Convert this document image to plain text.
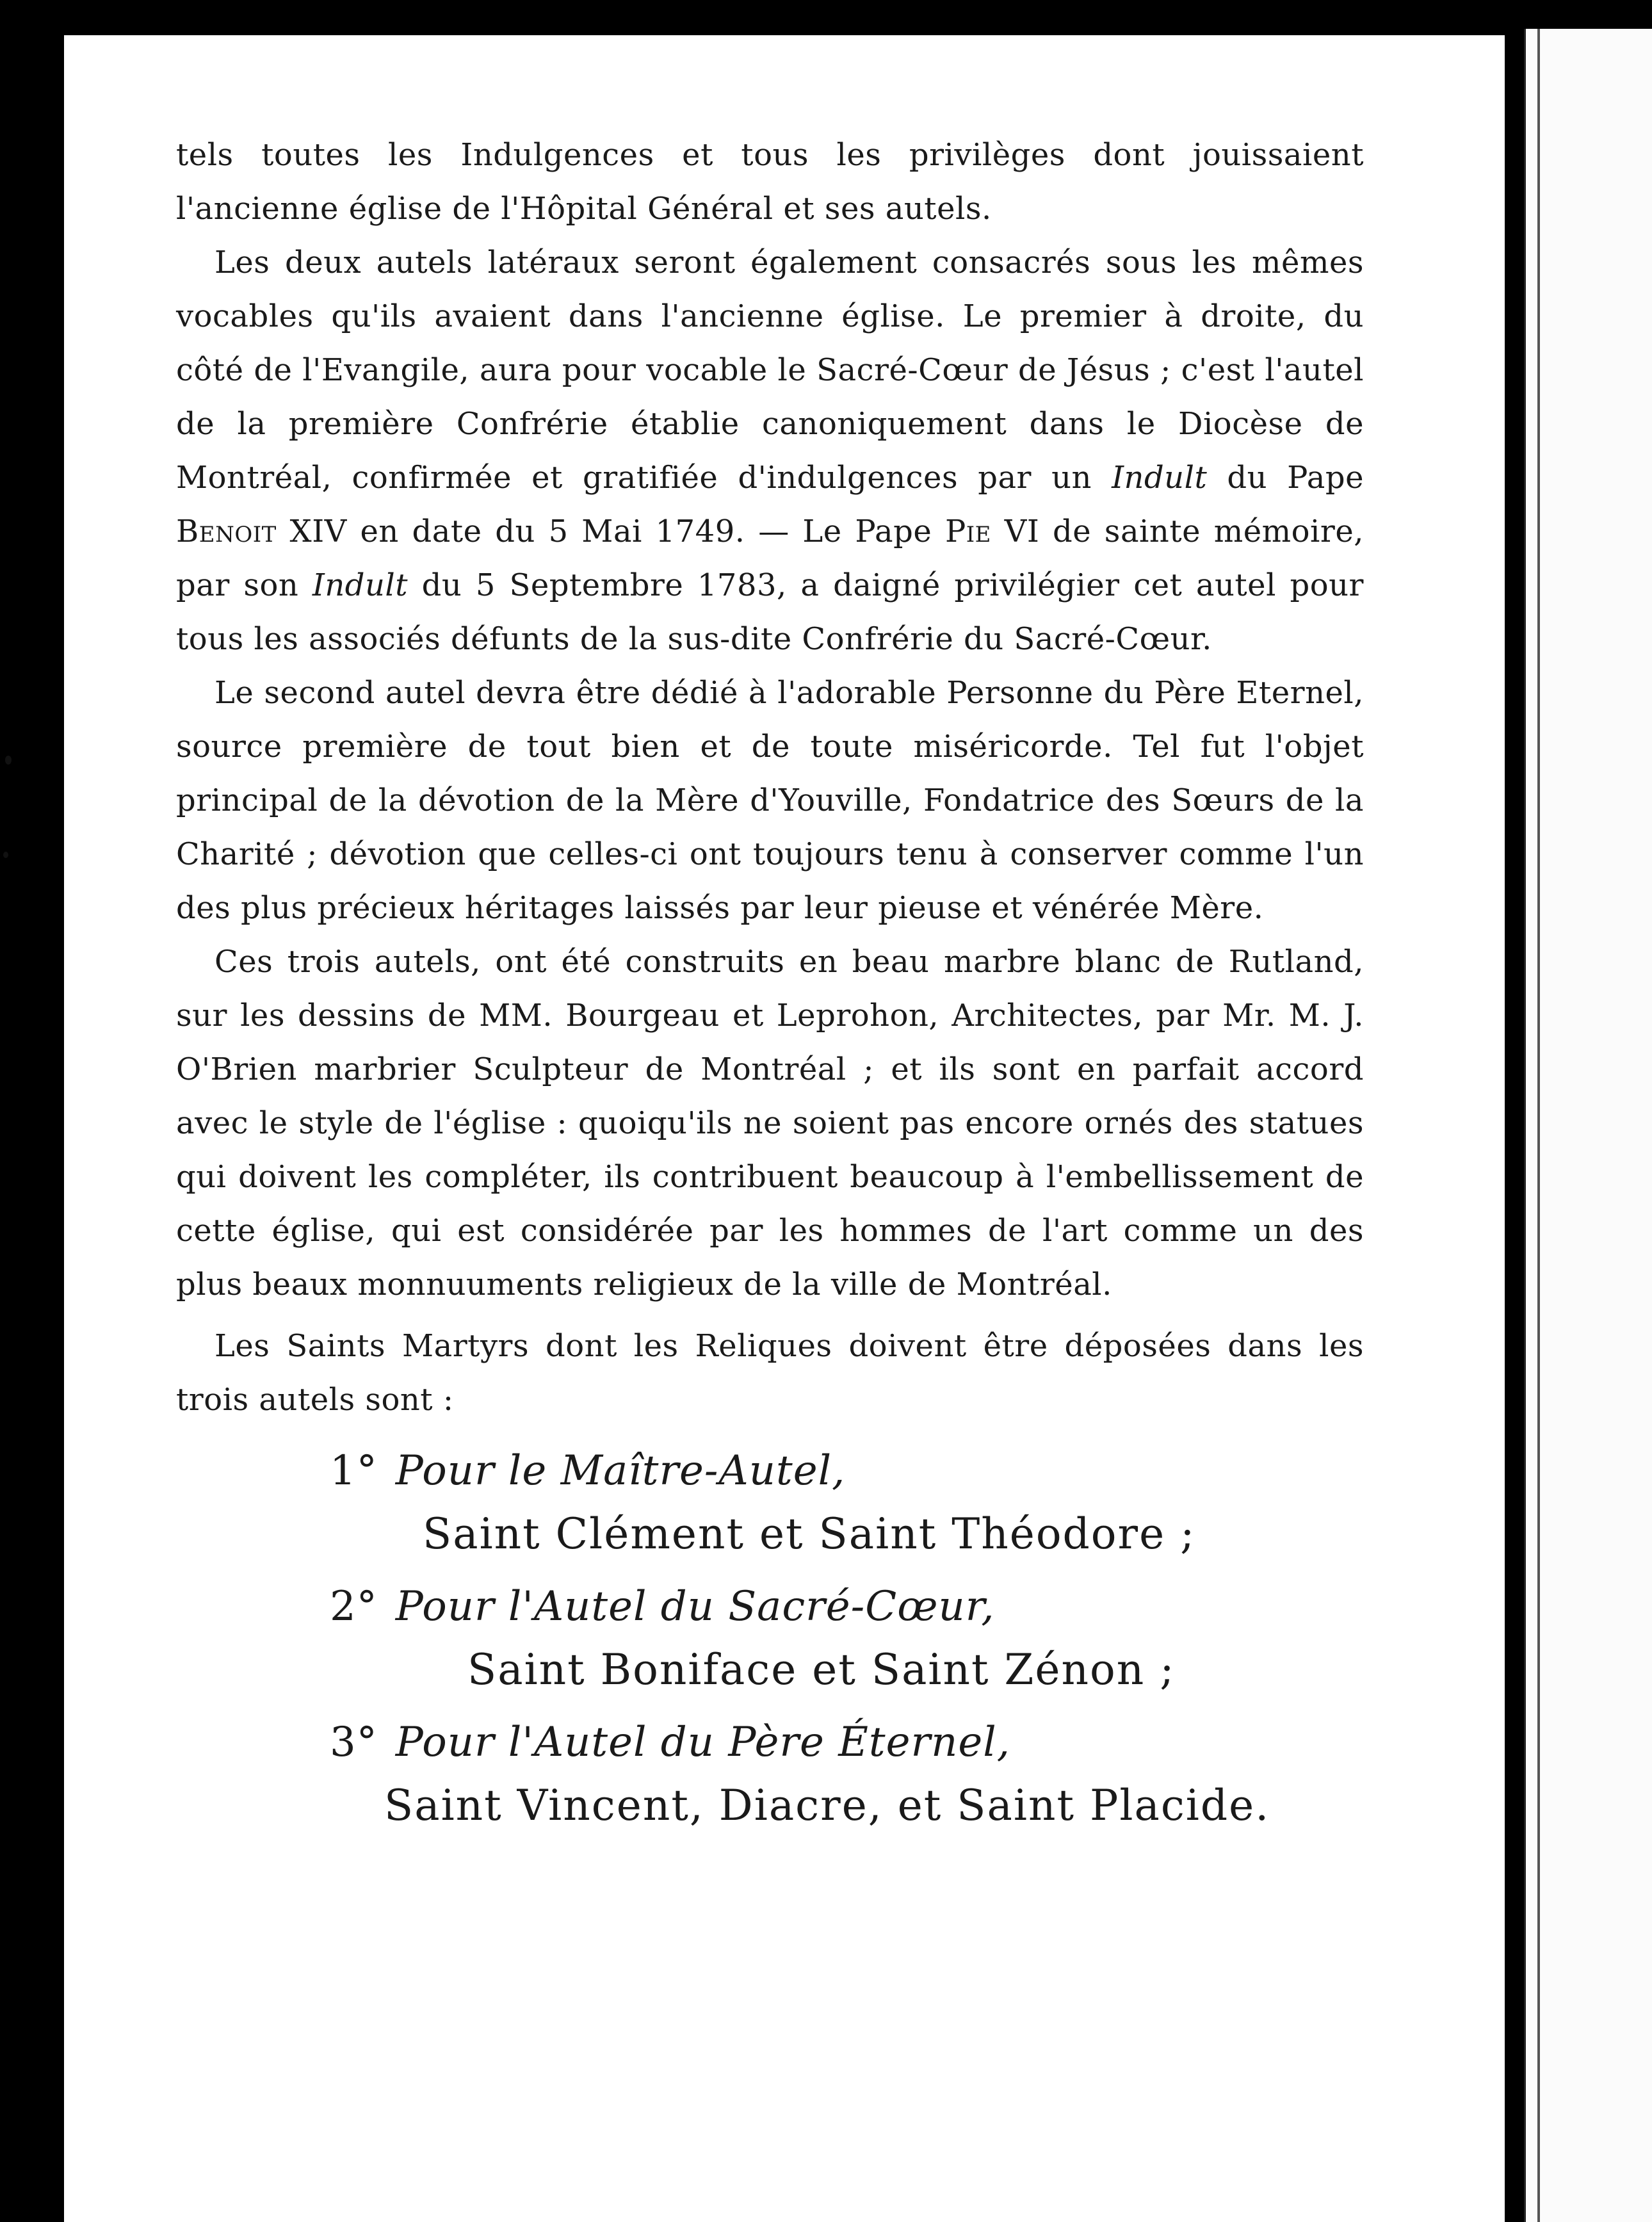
tels toutes les Indulgences et tous les privilèges dont jouissaient l'ancienne église de l'Hôpital Général et ses autels.

Les deux autels latéraux seront également consacrés sous les mêmes vocables qu'ils avaient dans l'ancienne église. Le premier à droite, du côté de l'Evangile, aura pour vocable le Sacré-Cœur de Jésus ; c'est l'autel de la première Confrérie établie canoniquement dans le Diocèse de Montréal, confirmée et gratifiée d'indulgences par un Indult du Pape Benoit XIV en date du 5 Mai 1749. — Le Pape Pie VI de sainte mémoire, par son Indult du 5 Septembre 1783, a daigné privilégier cet autel pour tous les associés défunts de la sus-dite Confrérie du Sacré-Cœur.

Le second autel devra être dédié à l'adorable Personne du Père Eternel, source première de tout bien et de toute miséricorde. Tel fut l'objet principal de la dévotion de la Mère d'Youville, Fondatrice des Sœurs de la Charité ; dévotion que celles-ci ont toujours tenu à conserver comme l'un des plus précieux héritages laissés par leur pieuse et vénérée Mère.

Ces trois autels, ont été construits en beau marbre blanc de Rutland, sur les dessins de MM. Bourgeau et Leprohon, Architectes, par Mr. M. J. O'Brien marbrier Sculpteur de Montréal ; et ils sont en parfait accord avec le style de l'église : quoiqu'ils ne soient pas encore ornés des statues qui doivent les compléter, ils contribuent beaucoup à l'embellissement de cette église, qui est considérée par les hommes de l'art comme un des plus beaux monnuuments religieux de la ville de Montréal.

Les Saints Martyrs dont les Reliques doivent être déposées dans les trois autels sont :

1° Pour le Maître-Autel,
Saint Clément et Saint Théodore ;
2° Pour l'Autel du Sacré-Cœur,
Saint Boniface et Saint Zénon ;
3° Pour l'Autel du Père Éternel,
Saint Vincent, Diacre, et Saint Placide.
